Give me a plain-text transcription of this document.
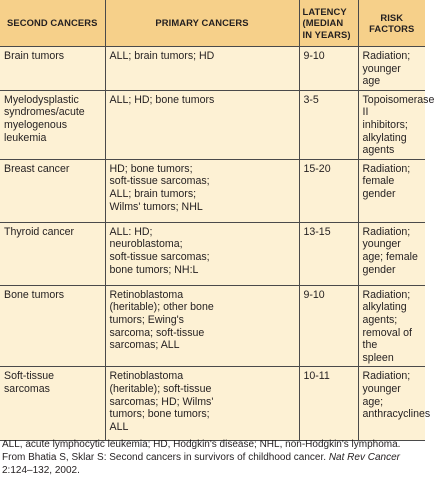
SECOND CANCERS	PRIMARY CANCERS	LATENCY
(MEDIAN
IN YEARS)	RISK FACTORS
Brain tumors	ALL; brain tumors; HD	9-10	Radiation; younger
age
Myelodysplastic
syndromes/acute
myelogenous
leukemia	ALL; HD; bone tumors	3-5	Topoisomerase II
inhibitors;
alkylating agents
Breast cancer	HD; bone tumors;
soft-tissue sarcomas;
ALL; brain tumors;
Wilms' tumors; NHL	15-20	Radiation; female
gender
Thyroid cancer	ALL: HD;
neuroblastoma;
soft-tissue sarcomas;
bone tumors; NH:L	13-15	Radiation; younger
age; female gender
Bone tumors	Retinoblastoma
(heritable); other bone
tumors; Ewing's
sarcoma; soft-tissue
sarcomas; ALL	9-10	Radiation;
alkylating agents;
removal of the
spleen
Soft-tissue
sarcomas	Retinoblastoma
(heritable); soft-tissue
sarcomas; HD; Wilms'
tumors; bone tumors;
ALL	10-11	Radiation; younger
age; anthracyclines
ALL, acute lymphocytic leukemia; HD, Hodgkin's disease; NHL, non-Hodgkin's lymphoma.
From Bhatia S, Sklar S: Second cancers in survivors of childhood cancer. Nat Rev Cancer
2:124–132, 2002.
